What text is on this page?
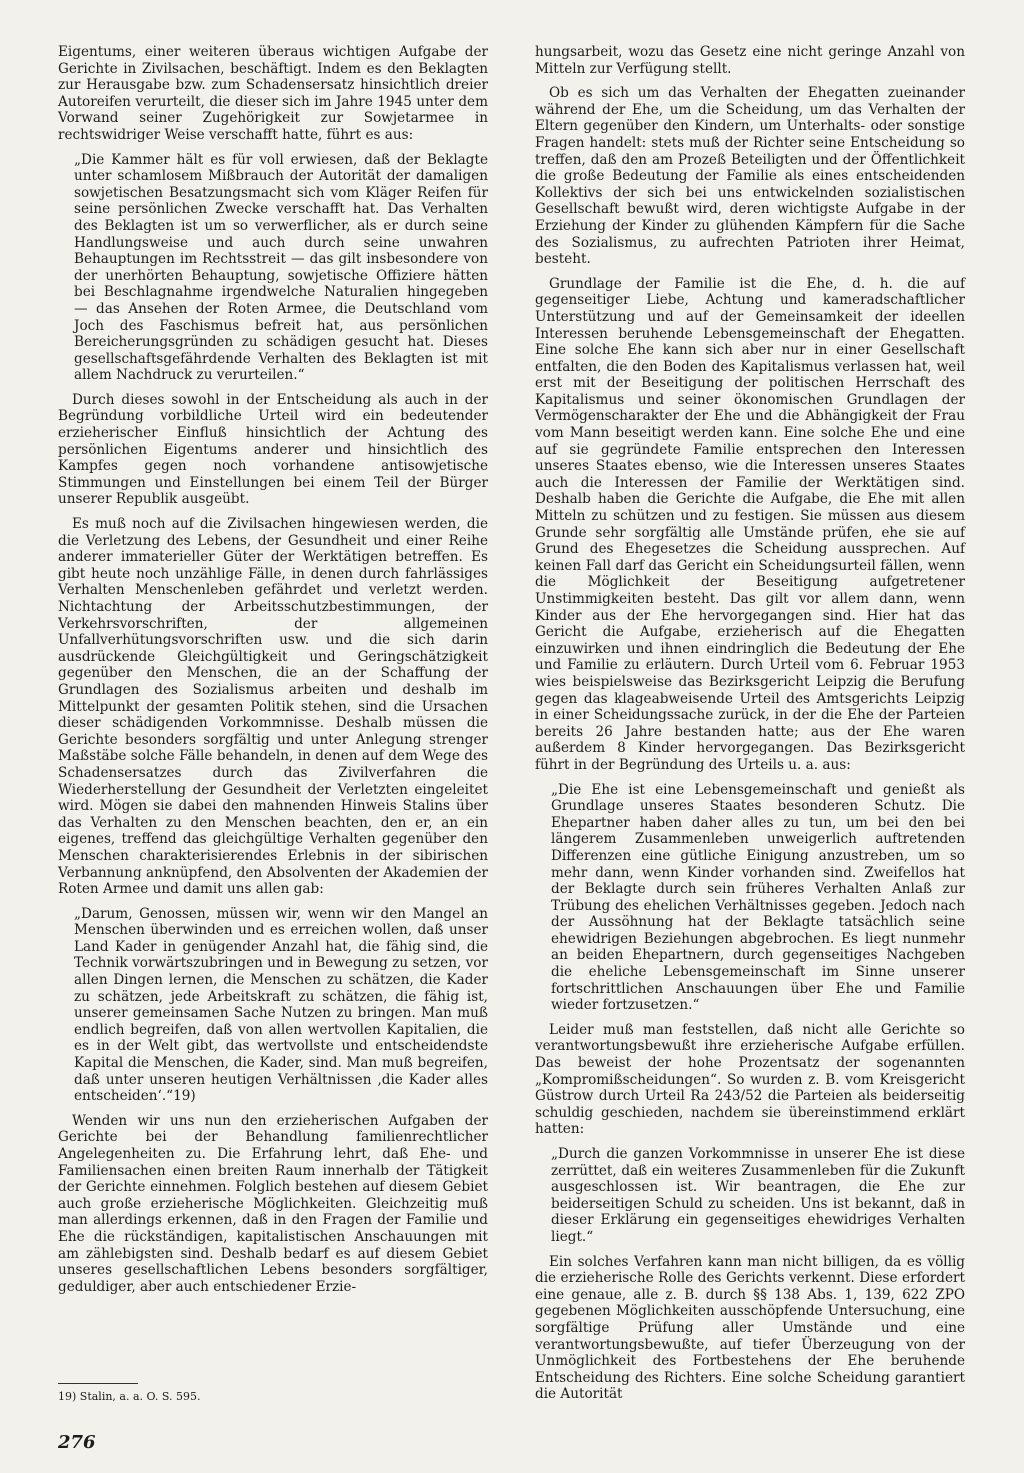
Eigentums, einer weiteren überaus wichtigen Aufgabe der Gerichte in Zivilsachen, beschäftigt. Indem es den Beklagten zur Herausgabe bzw. zum Schadensersatz hinsichtlich dreier Autoreifen verurteilt, die dieser sich im Jahre 1945 unter dem Vorwand seiner Zugehörigkeit zur Sowjetarmee in rechtswidriger Weise verschafft hatte, führt es aus:

„Die Kammer hält es für voll erwiesen, daß der Beklagte unter schamlosem Mißbrauch der Autorität der damaligen sowjetischen Besatzungsmacht sich vom Kläger Reifen für seine persönlichen Zwecke verschafft hat. Das Verhalten des Beklagten ist um so verwerflicher, als er durch seine Handlungsweise und auch durch seine unwahren Behauptungen im Rechtsstreit — das gilt insbesondere von der unerhörten Behauptung, sowjetische Offiziere hätten bei Beschlagnahme irgendwelche Naturalien hingegeben — das Ansehen der Roten Armee, die Deutschland vom Joch des Faschismus befreit hat, aus persönlichen Bereicherungsgründen zu schädigen gesucht hat. Dieses gesellschaftsgefährdende Verhalten des Beklagten ist mit allem Nachdruck zu verurteilen.“

Durch dieses sowohl in der Entscheidung als auch in der Begründung vorbildliche Urteil wird ein bedeutender erzieherischer Einfluß hinsichtlich der Achtung des persönlichen Eigentums anderer und hinsichtlich des Kampfes gegen noch vorhandene antisowjetische Stimmungen und Einstellungen bei einem Teil der Bürger unserer Republik ausgeübt.

Es muß noch auf die Zivilsachen hingewiesen werden, die die Verletzung des Lebens, der Gesundheit und einer Reihe anderer immaterieller Güter der Werktätigen betreffen. Es gibt heute noch unzählige Fälle, in denen durch fahrlässiges Verhalten Menschenleben gefährdet und verletzt werden. Nichtachtung der Arbeitsschutzbestimmungen, der Verkehrsvorschriften, der allgemeinen Unfallverhütungsvorschriften usw. und die sich darin ausdrückende Gleichgültigkeit und Geringschätzigkeit gegenüber den Menschen, die an der Schaffung der Grundlagen des Sozialismus arbeiten und deshalb im Mittelpunkt der gesamten Politik stehen, sind die Ursachen dieser schädigenden Vorkommnisse. Deshalb müssen die Gerichte besonders sorgfältig und unter Anlegung strenger Maßstäbe solche Fälle behandeln, in denen auf dem Wege des Schadensersatzes durch das Zivilverfahren die Wiederherstellung der Gesundheit der Verletzten eingeleitet wird. Mögen sie dabei den mahnenden Hinweis Stalins über das Verhalten zu den Menschen beachten, den er, an ein eigenes, treffend das gleichgültige Verhalten gegenüber den Menschen charakterisierendes Erlebnis in der sibirischen Verbannung anknüpfend, den Absolventen der Akademien der Roten Armee und damit uns allen gab:

„Darum, Genossen, müssen wir, wenn wir den Mangel an Menschen überwinden und es erreichen wollen, daß unser Land Kader in genügender Anzahl hat, die fähig sind, die Technik vorwärtszubringen und in Bewegung zu setzen, vor allen Dingen lernen, die Menschen zu schätzen, die Kader zu schätzen, jede Arbeitskraft zu schätzen, die fähig ist, unserer gemeinsamen Sache Nutzen zu bringen. Man muß endlich begreifen, daß von allen wertvollen Kapitalien, die es in der Welt gibt, das wertvollste und entscheidendste Kapital die Menschen, die Kader, sind. Man muß begreifen, daß unter unseren heutigen Verhältnissen ‚die Kader alles entscheiden‘.“19)

Wenden wir uns nun den erzieherischen Aufgaben der Gerichte bei der Behandlung familienrechtlicher Angelegenheiten zu. Die Erfahrung lehrt, daß Ehe- und Familiensachen einen breiten Raum innerhalb der Tätigkeit der Gerichte einnehmen. Folglich bestehen auf diesem Gebiet auch große erzieherische Möglichkeiten. Gleichzeitig muß man allerdings erkennen, daß in den Fragen der Familie und Ehe die rückständigen, kapitalistischen Anschauungen mit am zählebigsten sind. Deshalb bedarf es auf diesem Gebiet unseres gesellschaftlichen Lebens besonders sorgfältiger, geduldiger, aber auch entschiedener Erzie-

hungsarbeit, wozu das Gesetz eine nicht geringe Anzahl von Mitteln zur Verfügung stellt.

Ob es sich um das Verhalten der Ehegatten zueinander während der Ehe, um die Scheidung, um das Verhalten der Eltern gegenüber den Kindern, um Unterhalts- oder sonstige Fragen handelt: stets muß der Richter seine Entscheidung so treffen, daß den am Prozeß Beteiligten und der Öffentlichkeit die große Bedeutung der Familie als eines entscheidenden Kollektivs der sich bei uns entwickelnden sozialistischen Gesellschaft bewußt wird, deren wichtigste Aufgabe in der Erziehung der Kinder zu glühenden Kämpfern für die Sache des Sozialismus, zu aufrechten Patrioten ihrer Heimat, besteht.

Grundlage der Familie ist die Ehe, d. h. die auf gegenseitiger Liebe, Achtung und kameradschaftlicher Unterstützung und auf der Gemeinsamkeit der ideellen Interessen beruhende Lebensgemeinschaft der Ehegatten. Eine solche Ehe kann sich aber nur in einer Gesellschaft entfalten, die den Boden des Kapitalismus verlassen hat, weil erst mit der Beseitigung der politischen Herrschaft des Kapitalismus und seiner ökonomischen Grundlagen der Vermögenscharakter der Ehe und die Abhängigkeit der Frau vom Mann beseitigt werden kann. Eine solche Ehe und eine auf sie gegründete Familie entsprechen den Interessen unseres Staates ebenso, wie die Interessen unseres Staates auch die Interessen der Familie der Werktätigen sind. Deshalb haben die Gerichte die Aufgabe, die Ehe mit allen Mitteln zu schützen und zu festigen. Sie müssen aus diesem Grunde sehr sorgfältig alle Umstände prüfen, ehe sie auf Grund des Ehegesetzes die Scheidung aussprechen. Auf keinen Fall darf das Gericht ein Scheidungsurteil fällen, wenn die Möglichkeit der Beseitigung aufgetretener Unstimmigkeiten besteht. Das gilt vor allem dann, wenn Kinder aus der Ehe hervorgegangen sind. Hier hat das Gericht die Aufgabe, erzieherisch auf die Ehegatten einzuwirken und ihnen eindringlich die Bedeutung der Ehe und Familie zu erläutern. Durch Urteil vom 6. Februar 1953 wies beispielsweise das Bezirksgericht Leipzig die Berufung gegen das klageabweisende Urteil des Amtsgerichts Leipzig in einer Scheidungssache zurück, in der die Ehe der Parteien bereits 26 Jahre bestanden hatte; aus der Ehe waren außerdem 8 Kinder hervorgegangen. Das Bezirksgericht führt in der Begründung des Urteils u. a. aus:

„Die Ehe ist eine Lebensgemeinschaft und genießt als Grundlage unseres Staates besonderen Schutz. Die Ehepartner haben daher alles zu tun, um bei den bei längerem Zusammenleben unweigerlich auftretenden Differenzen eine gütliche Einigung anzustreben, um so mehr dann, wenn Kinder vorhanden sind. Zweifellos hat der Beklagte durch sein früheres Verhalten Anlaß zur Trübung des ehelichen Verhältnisses gegeben. Jedoch nach der Aussöhnung hat der Beklagte tatsächlich seine ehewidrigen Beziehungen abgebrochen. Es liegt nunmehr an beiden Ehepartnern, durch gegenseitiges Nachgeben die eheliche Lebensgemeinschaft im Sinne unserer fortschrittlichen Anschauungen über Ehe und Familie wieder fortzusetzen.“

Leider muß man feststellen, daß nicht alle Gerichte so verantwortungsbewußt ihre erzieherische Aufgabe erfüllen. Das beweist der hohe Prozentsatz der sogenannten „Kompromißscheidungen“. So wurden z. B. vom Kreisgericht Güstrow durch Urteil Ra 243/52 die Parteien als beiderseitig schuldig geschieden, nachdem sie übereinstimmend erklärt hatten:

„Durch die ganzen Vorkommnisse in unserer Ehe ist diese zerrüttet, daß ein weiteres Zusammenleben für die Zukunft ausgeschlossen ist. Wir beantragen, die Ehe zur beiderseitigen Schuld zu scheiden. Uns ist bekannt, daß in dieser Erklärung ein gegenseitiges ehewidriges Verhalten liegt.“

Ein solches Verfahren kann man nicht billigen, da es völlig die erzieherische Rolle des Gerichts verkennt. Diese erfordert eine genaue, alle z. B. durch §§ 138 Abs. 1, 139, 622 ZPO gegebenen Möglichkeiten ausschöpfende Untersuchung, eine sorgfältige Prüfung aller Umstände und eine verantwortungsbewußte, auf tiefer Überzeugung von der Unmöglichkeit des Fortbestehens der Ehe beruhende Entscheidung des Richters. Eine solche Scheidung garantiert die Autorität

19) Stalin, a. a. O. S. 595.
276
